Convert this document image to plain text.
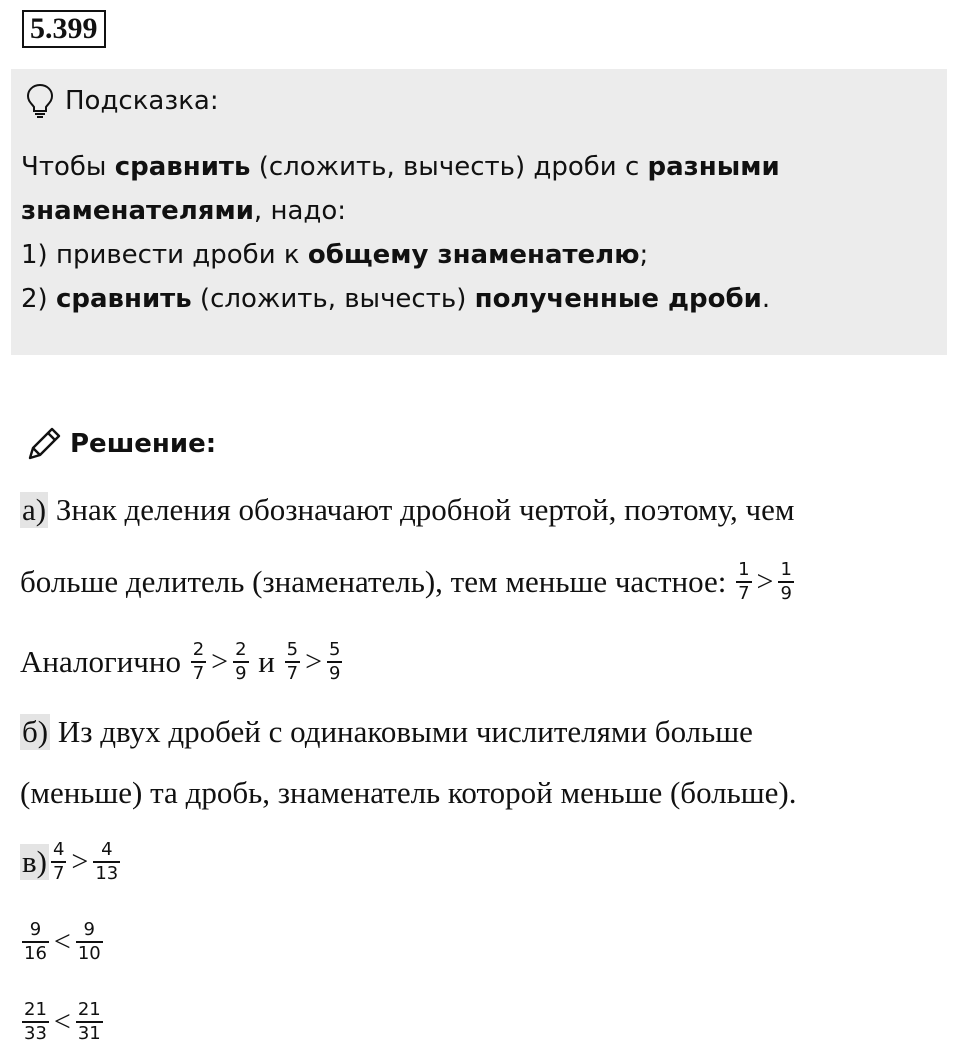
5.399
Подсказка:
Чтобы сравнить (сложить, вычесть) дроби с разными
знаменателями, надо:
1) привести дроби к общему знаменателю;
2) сравнить (сложить, вычесть) полученные дроби.
Решение:
а) Знак деления обозначают дробной чертой, поэтому, чем
больше делитель (знаменатель), тем меньше частное: $\frac{1}{7} > \frac{1}{9}$
Аналогично $\frac{2}{7} > \frac{2}{9}$ и $\frac{5}{7} > \frac{5}{9}$
б) Из двух дробей с одинаковыми числителями больше
(меньше) та дробь, знаменатель которой меньше (больше).
$в) \frac{4}{7} > \frac{4}{13}$
$\frac{9}{16} < \frac{9}{10}$
$\frac{21}{33} < \frac{21}{31}$
